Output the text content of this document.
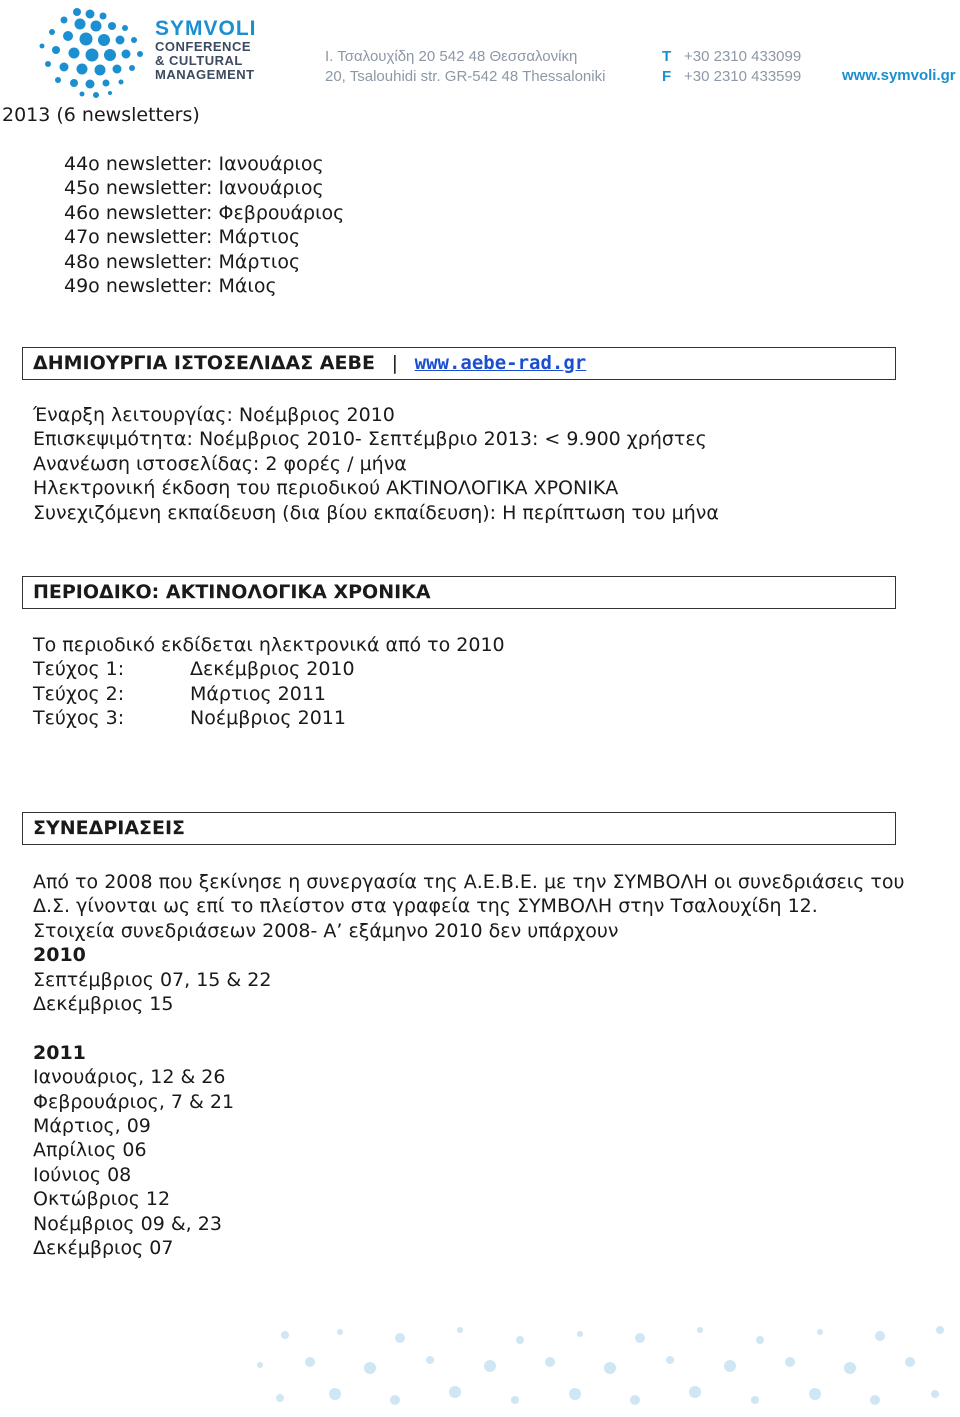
SYMVOLI
CONFERENCE
& CULTURAL
MANAGEMENT
Ι. Τσαλουχίδη 20 542 48 Θεσσαλονίκη
20, Tsalouhidi str. GR-542 48 Thessaloniki
T +30 2310 433099
F +30 2310 433599	www.symvoli.gr
2013 (6 newsletters)
44ο newsletter: Ιανουάριος
45ο newsletter: Ιανουάριος
46ο newsletter: Φεβρουάριος
47ο newsletter: Μάρτιος
48ο newsletter: Μάρτιος
49ο newsletter: Μάιος
ΔΗΜΙΟΥΡΓΙΑ ΙΣΤΟΣΕΛΙΔΑΣ ΑΕΒΕ | www.aebe-rad.gr
Έναρξη λειτουργίας: Νοέμβριος 2010
Επισκεψιμότητα: Νοέμβριος 2010- Σεπτέμβριο 2013: < 9.900 χρήστες
Ανανέωση ιστοσελίδας: 2 φορές / μήνα
Ηλεκτρονική έκδοση του περιοδικού ΑΚΤΙΝΟΛΟΓΙΚΑ ΧΡΟΝΙΚΑ
Συνεχιζόμενη εκπαίδευση (δια βίου εκπαίδευση): Η περίπτωση του μήνα
ΠΕΡΙΟΔΙΚΟ: ΑΚΤΙΝΟΛΟΓΙΚΑ ΧΡΟΝΙΚΑ
Το περιοδικό εκδίδεται ηλεκτρονικά από το 2010
Τεύχος 1:	Δεκέμβριος 2010
Τεύχος 2:	Μάρτιος 2011
Τεύχος 3:	Νοέμβριος 2011
ΣΥΝΕΔΡΙΑΣΕΙΣ
Από το 2008 που ξεκίνησε η συνεργασία της Α.Ε.Β.Ε. με την ΣΥΜΒΟΛΗ οι συνεδριάσεις του
Δ.Σ. γίνονται ως επί το πλείστον στα γραφεία της ΣΥΜΒΟΛΗ στην Τσαλουχίδη 12.
Στοιχεία συνεδριάσεων 2008- Α’ εξάμηνο 2010 δεν υπάρχουν
2010
Σεπτέμβριος 07, 15 & 22
Δεκέμβριος 15
2011
Ιανουάριος, 12 & 26
Φεβρουάριος, 7 & 21
Μάρτιος, 09
Απρίλιος 06
Ιούνιος 08
Οκτώβριος 12
Νοέμβριος 09 &, 23
Δεκέμβριος 07
